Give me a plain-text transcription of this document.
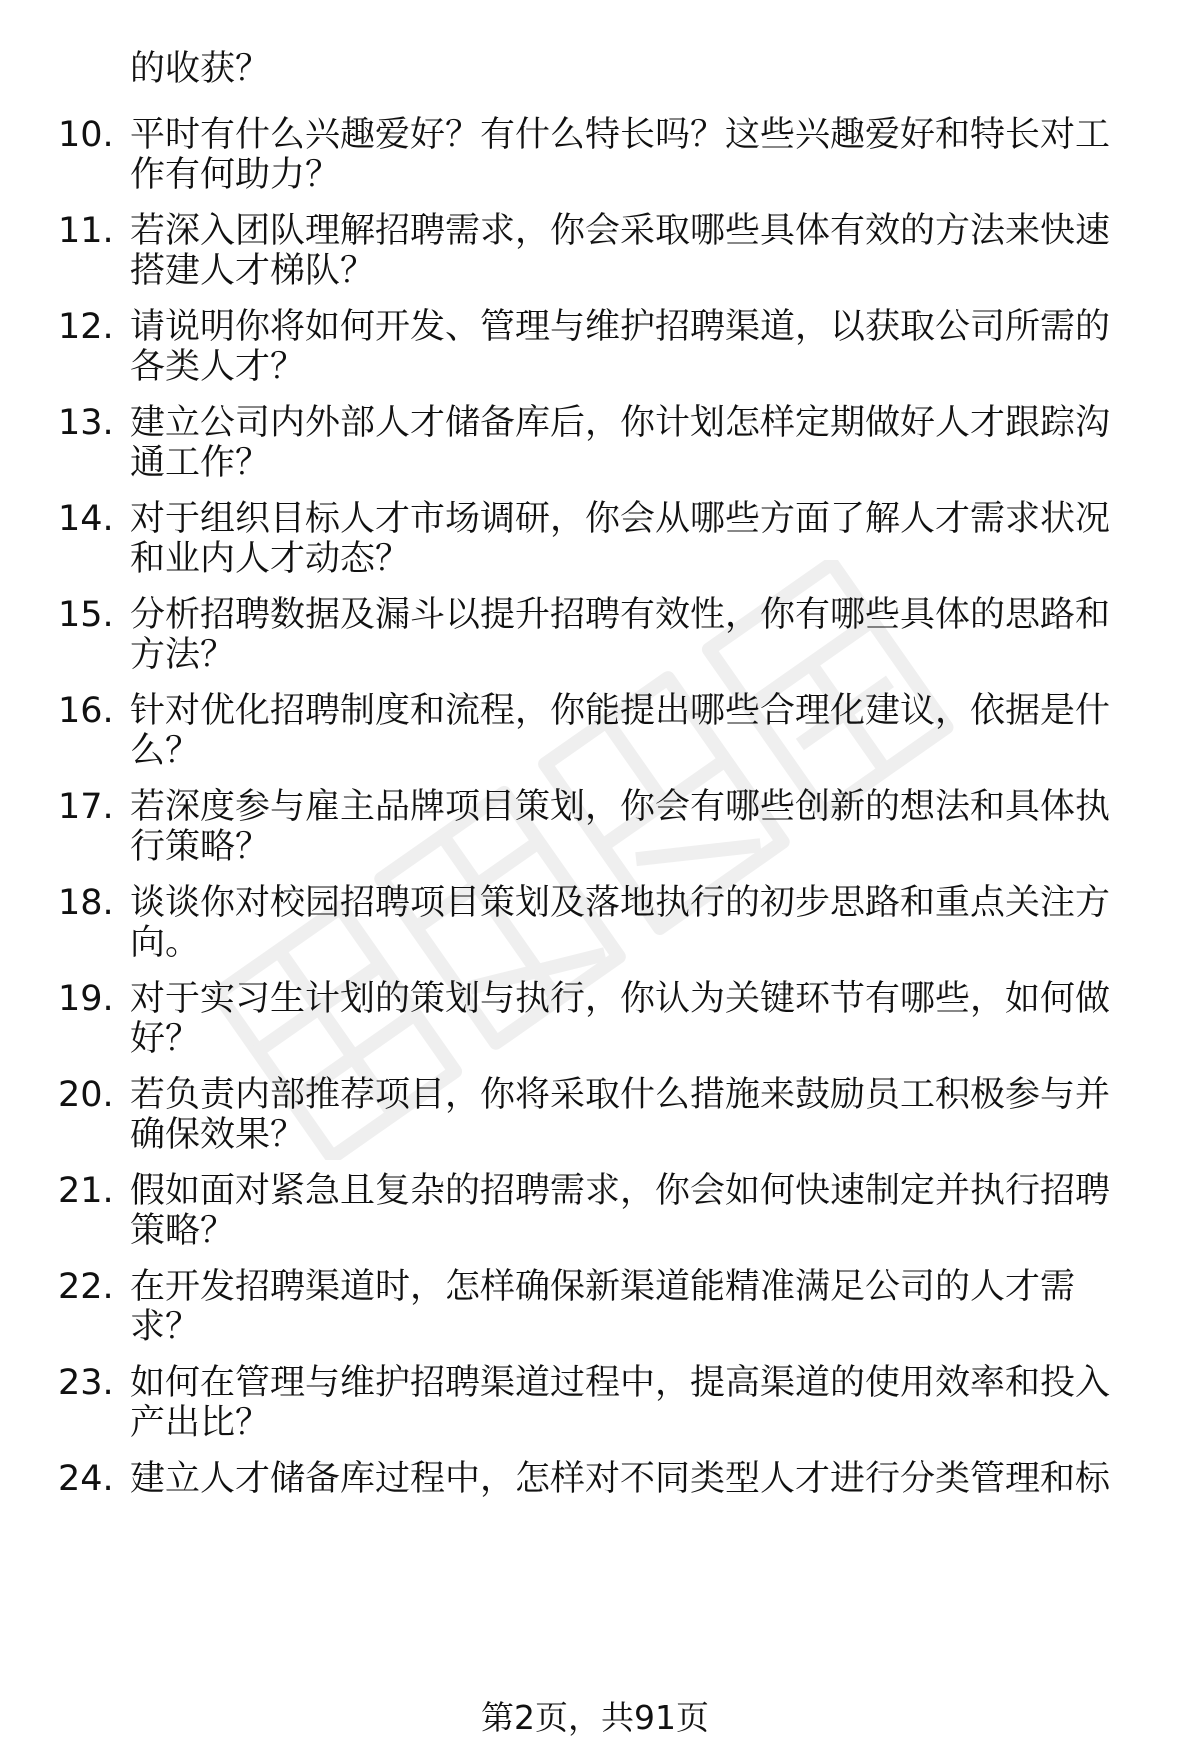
10. 平时有什么兴趣爱好？有什么特长吗？这些兴趣爱好和特长对工
作有何助力？
11. 若深入团队理解招聘需求，你会采取哪些具体有效的方法来快速
搭建人才梯队？
12. 请说明你将如何开发、管理与维护招聘渠道，以获取公司所需的
各类人才？
13. 建立公司内外部人才储备库后，你计划怎样定期做好人才跟踪沟
通工作？
14. 对于组织目标人才市场调研，你会从哪些方面了解人才需求状况
和业内人才动态？
15. 分析招聘数据及漏斗以提升招聘有效性，你有哪些具体的思路和
方法？
16. 针对优化招聘制度和流程，你能提出哪些合理化建议，依据是什
么？
17. 若深度参与雇主品牌项目策划，你会有哪些创新的想法和具体执
行策略？
18. 谈谈你对校园招聘项目策划及落地执行的初步思路和重点关注方
向。
19. 对于实习生计划的策划与执行，你认为关键环节有哪些，如何做
好？
20. 若负责内部推荐项目，你将采取什么措施来鼓励员工积极参与并
确保效果？
21. 假如面对紧急且复杂的招聘需求，你会如何快速制定并执行招聘
策略？
22. 在开发招聘渠道时，怎样确保新渠道能精准满足公司的人才需
求？
23. 如何在管理与维护招聘渠道过程中，提高渠道的使用效率和投入
产出比？
24. 建立人才储备库过程中，怎样对不同类型人才进行分类管理和标
的收获？
第2页，共91页
